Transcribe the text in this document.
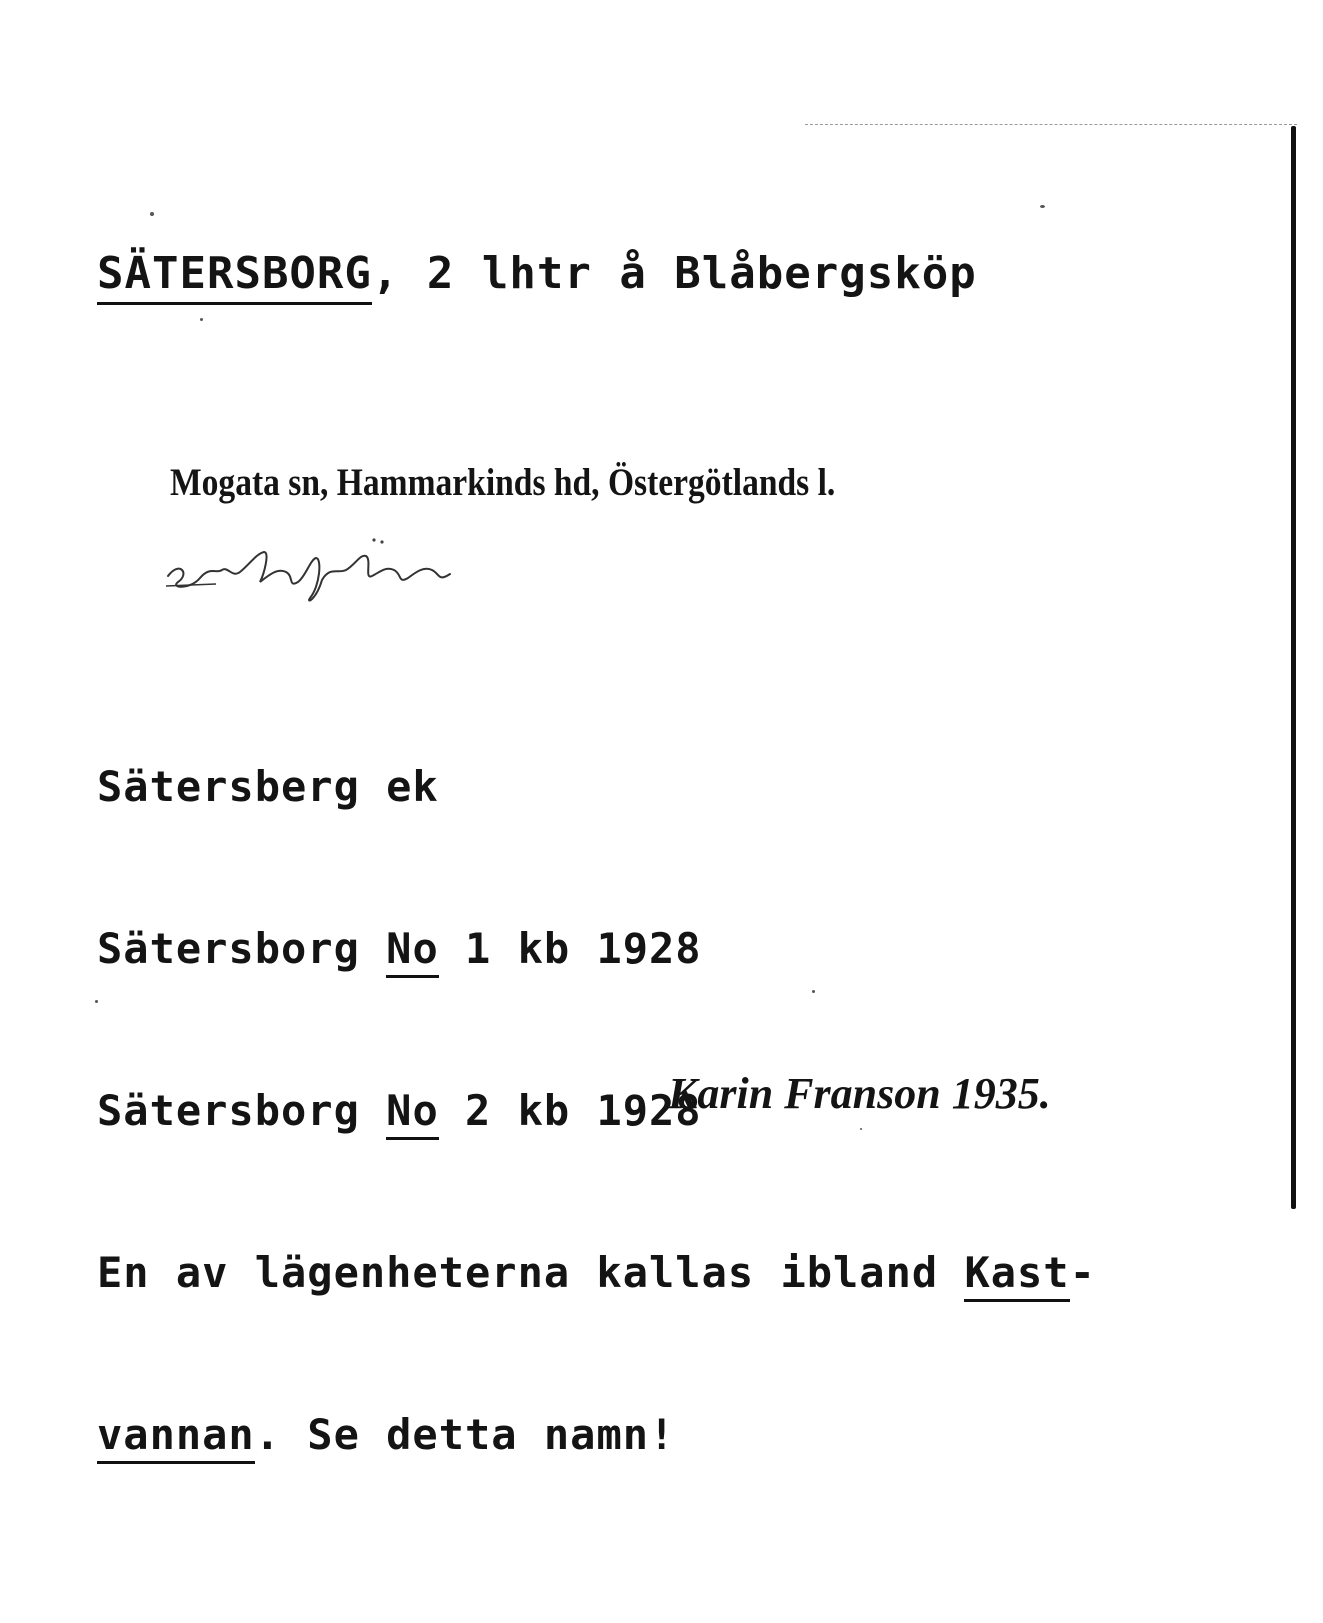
SÄTERSBORG, 2 lhtr å Blåbergsköp
Mogata sn, Hammarkinds hd, Östergötlands l.

Sätersberg ek

Sätersborg No 1 kb 1928

Sätersborg No 2 kb 1928

En av lägenheterna kallas ibland Kast-

vannan. Se detta namn!

Karin Franson 1935.
